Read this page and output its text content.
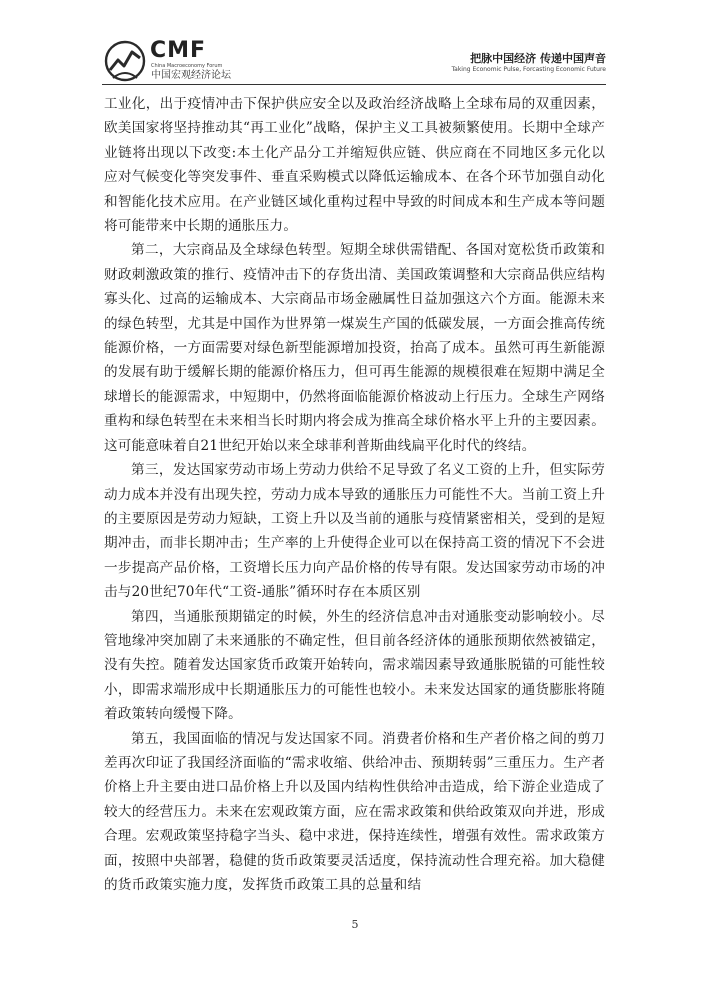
CMF
China Macroeconomy Forum
中国宏观经济论坛
把脉中国经济 传递中国声音
Taking Economic Pulse, Forcasting Economic Future

工业化，出于疫情冲击下保护供应安全以及政治经济战略上全球布局的双重因素，欧美国家将坚持推动其“再工业化”战略，保护主义工具被频繁使用。长期中全球产业链将出现以下改变:本土化产品分工并缩短供应链、供应商在不同地区多元化以应对气候变化等突发事件、垂直采购模式以降低运输成本、在各个环节加强自动化和智能化技术应用。在产业链区域化重构过程中导致的时间成本和生产成本等问题将可能带来中长期的通胀压力。

第二，大宗商品及全球绿色转型。短期全球供需错配、各国对宽松货币政策和财政刺激政策的推行、疫情冲击下的存货出清、美国政策调整和大宗商品供应结构寡头化、过高的运输成本、大宗商品市场金融属性日益加强这六个方面。能源未来的绿色转型，尤其是中国作为世界第一煤炭生产国的低碳发展，一方面会推高传统能源价格，一方面需要对绿色新型能源增加投资，抬高了成本。虽然可再生新能源的发展有助于缓解长期的能源价格压力，但可再生能源的规模很难在短期中满足全球增长的能源需求，中短期中，仍然将面临能源价格波动上行压力。全球生产网络重构和绿色转型在未来相当长时期内将会成为推高全球价格水平上升的主要因素。这可能意味着自21世纪开始以来全球菲利普斯曲线扁平化时代的终结。

第三，发达国家劳动市场上劳动力供给不足导致了名义工资的上升，但实际劳动力成本并没有出现失控，劳动力成本导致的通胀压力可能性不大。当前工资上升的主要原因是劳动力短缺，工资上升以及当前的通胀与疫情紧密相关，受到的是短期冲击，而非长期冲击；生产率的上升使得企业可以在保持高工资的情况下不会进一步提高产品价格，工资增长压力向产品价格的传导有限。发达国家劳动市场的冲击与20世纪70年代“工资-通胀”循环时存在本质区别

第四，当通胀预期锚定的时候，外生的经济信息冲击对通胀变动影响较小。尽管地缘冲突加剧了未来通胀的不确定性，但目前各经济体的通胀预期依然被锚定，没有失控。随着发达国家货币政策开始转向，需求端因素导致通胀脱锚的可能性较小，即需求端形成中长期通胀压力的可能性也较小。未来发达国家的通货膨胀将随着政策转向缓慢下降。

第五，我国面临的情况与发达国家不同。消费者价格和生产者价格之间的剪刀差再次印证了我国经济面临的“需求收缩、供给冲击、预期转弱”三重压力。生产者价格上升主要由进口品价格上升以及国内结构性供给冲击造成，给下游企业造成了较大的经营压力。未来在宏观政策方面，应在需求政策和供给政策双向并进，形成合理。宏观政策坚持稳字当头、稳中求进，保持连续性，增强有效性。需求政策方面，按照中央部署，稳健的货币政策要灵活适度，保持流动性合理充裕。加大稳健的货币政策实施力度，发挥货币政策工具的总量和结

5
